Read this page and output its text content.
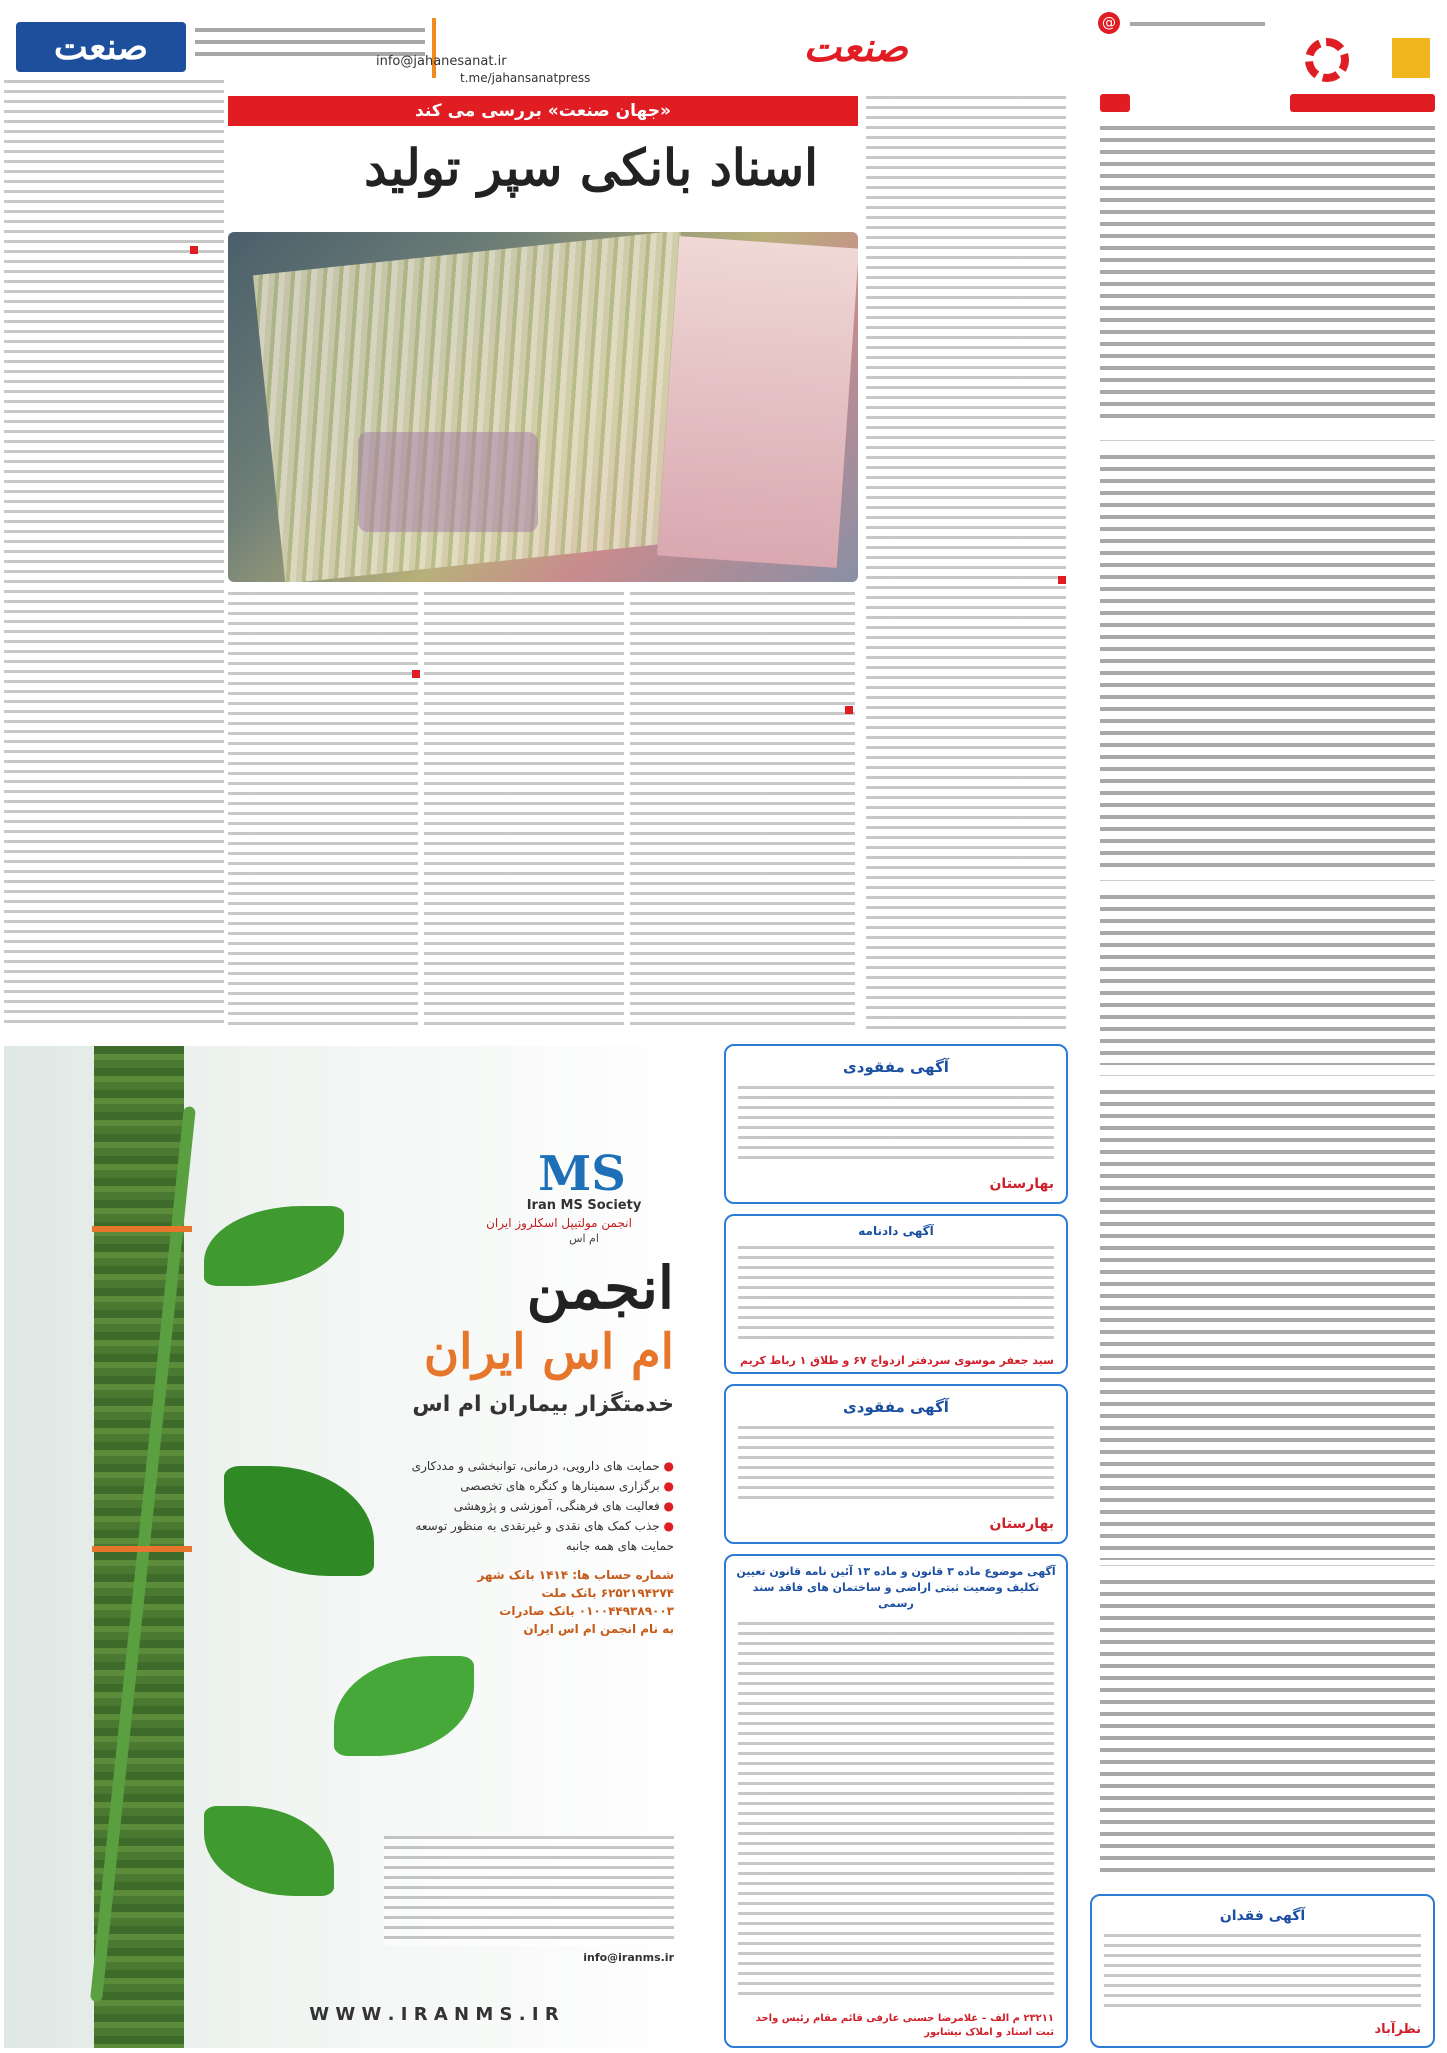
صنعت	info@jahanesanat.ir
t.me/jahansanatpress
صنعت
@
«جهان صنعت» بررسی می کند
اسناد بانکی سپر تولید
MS
Iran MS Society
انجمن مولتیپل اسکلروز ایران
ام اس
انجمن
ام اس ایران
خدمتگزار بیماران ام اس
● حمایت های دارویی، درمانی، توانبخشی و مددکاری
● برگزاری سمینارها و کنگره های تخصصی
● فعالیت های فرهنگی، آموزشی و پژوهشی
● جذب کمک های نقدی و غیرنقدی به منظور توسعه حمایت های همه جانبه
شماره حساب ها: ۱۴۱۴ بانک شهر
۶۲۵۲۱۹۴۲۷۴ بانک ملت
۰۱۰۰۴۴۹۳۸۹۰۰۳ بانک صادرات
به نام انجمن ام اس ایران
info@iranms.ir
W W W . I R A N M S . I R
آگهی مفقودی
بهارستان
آگهی دادنامه
سید جعفر موسوی سردفتر ازدواج ۶۷ و طلاق ۱ رباط کریم
آگهی مفقودی
بهارستان
آگهی موضوع ماده ۳ قانون و ماده ۱۳ آئین نامه قانون تعیین تکلیف وضعیت ثبتی اراضی و ساختمان های فاقد سند رسمی
۲۳۲۱۱ م الف – غلامرضا حسنی عارفی قائم مقام رئیس واحد ثبت اسناد و املاک نیشابور
آگهی فقدان
نظرآباد
